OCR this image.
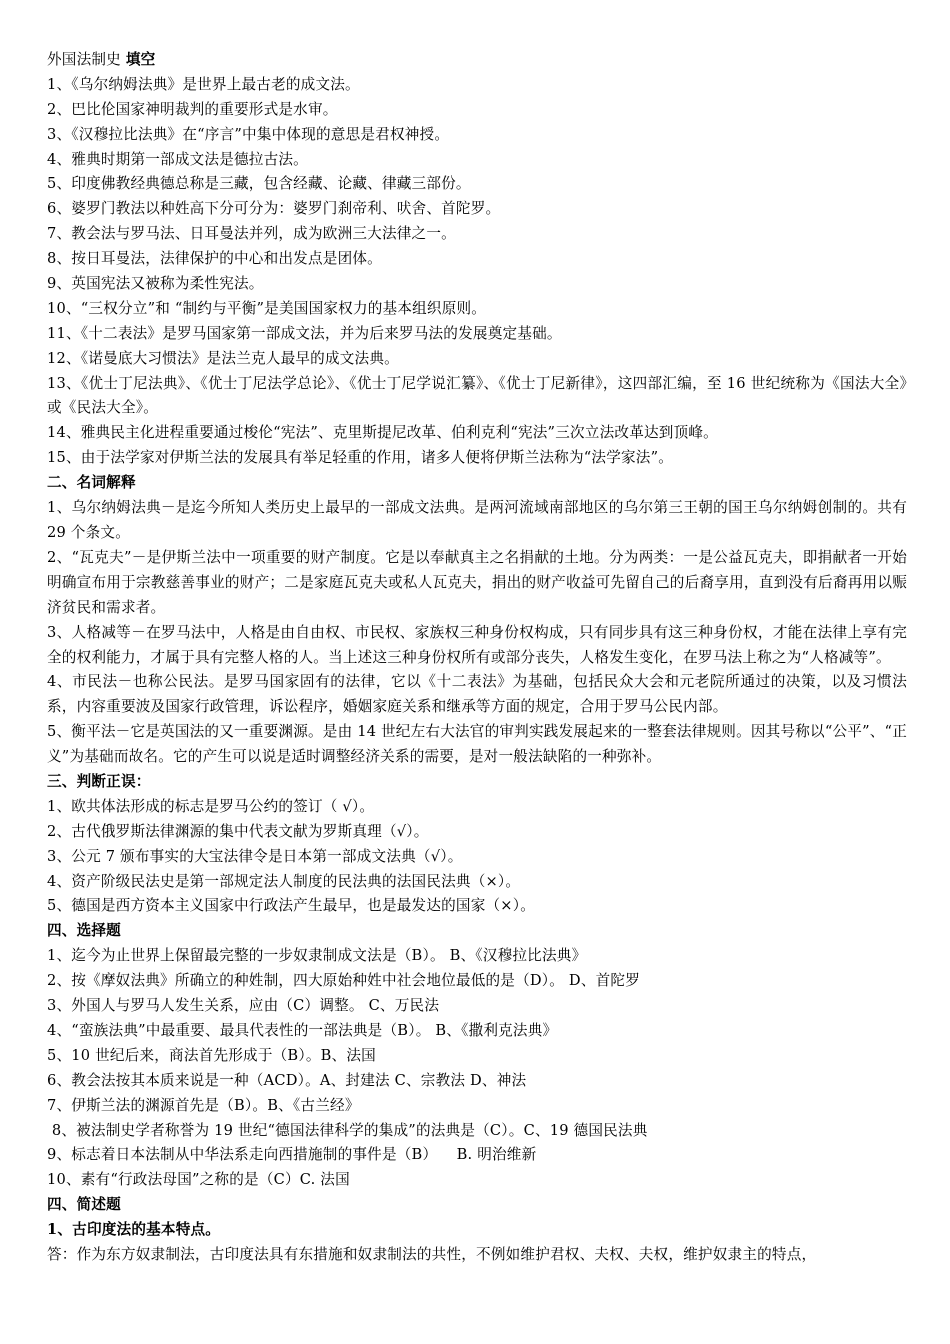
外国法制史 填空
1、《乌尔纳姆法典》是世界上最古老的成文法。
2、巴比伦国家神明裁判的重要形式是水审。
3、《汉穆拉比法典》在“序言”中集中体现的意思是君权神授。
4、雅典时期第一部成文法是德拉古法。
5、印度佛教经典德总称是三藏，包含经藏、论藏、律藏三部份。
6、婆罗门教法以种姓高下分可分为：婆罗门刹帝利、吠舍、首陀罗。
7、教会法与罗马法、日耳曼法并列，成为欧洲三大法律之一。
8、按日耳曼法，法律保护的中心和出发点是团体。
9、英国宪法又被称为柔性宪法。
10、“三权分立”和 “制约与平衡”是美国国家权力的基本组织原则。
11、《十二表法》是罗马国家第一部成文法，并为后来罗马法的发展奠定基础。
12、《诺曼底大习惯法》是法兰克人最早的成文法典。
13、《优士丁尼法典》、《优士丁尼法学总论》、《优士丁尼学说汇纂》、《优士丁尼新律》，这四部汇编，至 16 世纪统称为《国法大全》或《民法大全》。
14、雅典民主化进程重要通过梭伦“宪法”、克里斯提尼改革、伯利克利“宪法”三次立法改革达到顶峰。
15、由于法学家对伊斯兰法的发展具有举足轻重的作用，诸多人便将伊斯兰法称为“法学家法”。
二、名词解释
1、乌尔纳姆法典－是迄今所知人类历史上最早的一部成文法典。是两河流域南部地区的乌尔第三王朝的国王乌尔纳姆创制的。共有 29 个条文。
2、“瓦克夫”－是伊斯兰法中一项重要的财产制度。它是以奉献真主之名捐献的土地。分为两类：一是公益瓦克夫，即捐献者一开始明确宣布用于宗教慈善事业的财产；二是家庭瓦克夫或私人瓦克夫，捐出的财产收益可先留自己的后裔享用，直到没有后裔再用以赈济贫民和需求者。
3、人格减等－在罗马法中，人格是由自由权、市民权、家族权三种身份权构成，只有同步具有这三种身份权，才能在法律上享有完全的权利能力，才属于具有完整人格的人。当上述这三种身份权所有或部分丧失，人格发生变化，在罗马法上称之为“人格减等”。
4、市民法－也称公民法。是罗马国家固有的法律，它以《十二表法》为基础，包括民众大会和元老院所通过的决策，以及习惯法系，内容重要波及国家行政管理，诉讼程序，婚姻家庭关系和继承等方面的规定，合用于罗马公民内部。
5、衡平法－它是英国法的又一重要渊源。是由 14 世纪左右大法官的审判实践发展起来的一整套法律规则。因其号称以“公平”、“正义”为基础而故名。它的产生可以说是适时调整经济关系的需要，是对一般法缺陷的一种弥补。
三、判断正误：
1、欧共体法形成的标志是罗马公约的签订（ √）。
2、古代俄罗斯法律渊源的集中代表文献为罗斯真理（√）。
3、公元 7 颁布事实的大宝法律令是日本第一部成文法典（√）。
4、资产阶级民法史是第一部规定法人制度的民法典的法国民法典（×）。
5、德国是西方资本主义国家中行政法产生最早，也是最发达的国家（×）。
四、选择题
1、迄今为止世界上保留最完整的一步奴隶制成文法是（B）。 B、《汉穆拉比法典》
2、按《摩奴法典》所确立的种姓制，四大原始种姓中社会地位最低的是（D）。 D、首陀罗
3、外国人与罗马人发生关系，应由（C）调整。 C、万民法
4、“蛮族法典”中最重要、最具代表性的一部法典是（B）。 B、《撒利克法典》
5、10 世纪后来，商法首先形成于（B）。B、法国
6、教会法按其本质来说是一种（ACD）。A、封建法 C、宗教法 D、神法
7、伊斯兰法的渊源首先是（B）。B、《古兰经》
8、被法制史学者称誉为 19 世纪“德国法律科学的集成”的法典是（C）。C、19 德国民法典
9、标志着日本法制从中华法系走向西措施制的事件是（B）    B. 明治维新
10、素有“行政法母国”之称的是（C）C. 法国
四、简述题
1、古印度法的基本特点。
答：作为东方奴隶制法，古印度法具有东措施和奴隶制法的共性，不例如维护君权、夫权、夫权，维护奴隶主的特点，
